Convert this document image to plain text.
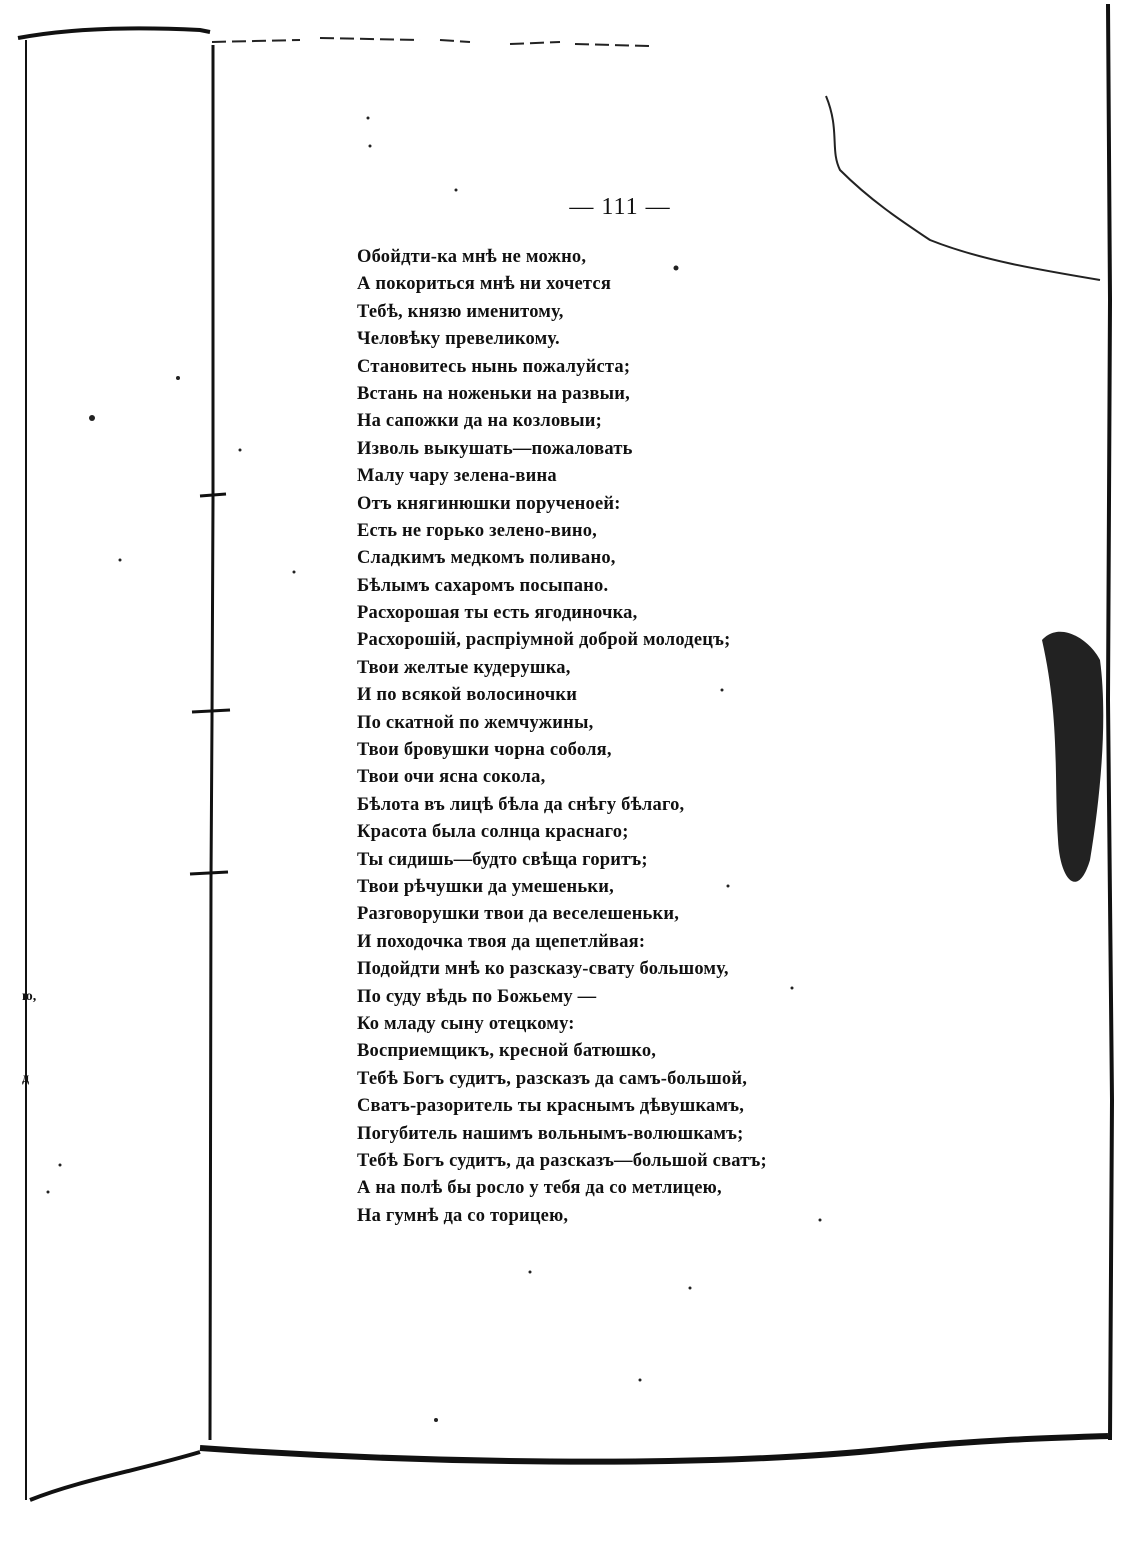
ю,
д
— 111 —
Обойдти-ка мнѣ не можно,
А покориться мнѣ ни хочется
Тебѣ, князю именитому,
Человѣку превеликому.
Становитесь нынь пожалуйста;
Встань на ноженьки на развыи,
На сапожки да на козловыи;
Изволь выкушать—пожаловать
Малу чару зелена-вина
Отъ княгинюшки порученоей:
Есть не горько зелено-вино,
Сладкимъ медкомъ поливано,
Бѣлымъ сахаромъ посыпано.
Расхорошая ты есть ягодиночка,
Расхорошій, распріумной доброй молодецъ;
Твои желтые кудерушка,
И по всякой волосиночки
По скатной по жемчужины,
Твои бровушки чорна соболя,
Твои очи ясна сокола,
Бѣлота въ лицѣ бѣла да снѣгу бѣлаго,
Красота была солнца краснаго;
Ты сидишь—будто свѣща горитъ;
Твои рѣчушки да умешеньки,
Разговорушки твои да веселешеньки,
И походочка твоя да щепетлйвая:
Подойдти мнѣ ко разсказу-свату большому,
По суду вѣдь по Божьему —
Ко младу сыну отецкому:
Восприемщикъ, кресной батюшко,
Тебѣ Богъ судитъ, разсказъ да самъ-большой,
Сватъ-разоритель ты краснымъ дѣвушкамъ,
Погубитель нашимъ вольнымъ-волюшкамъ;
Тебѣ Богъ судитъ, да разсказъ—большой сватъ;
А на полѣ бы росло у тебя да со метлицею,
На гумнѣ да со торицею,
